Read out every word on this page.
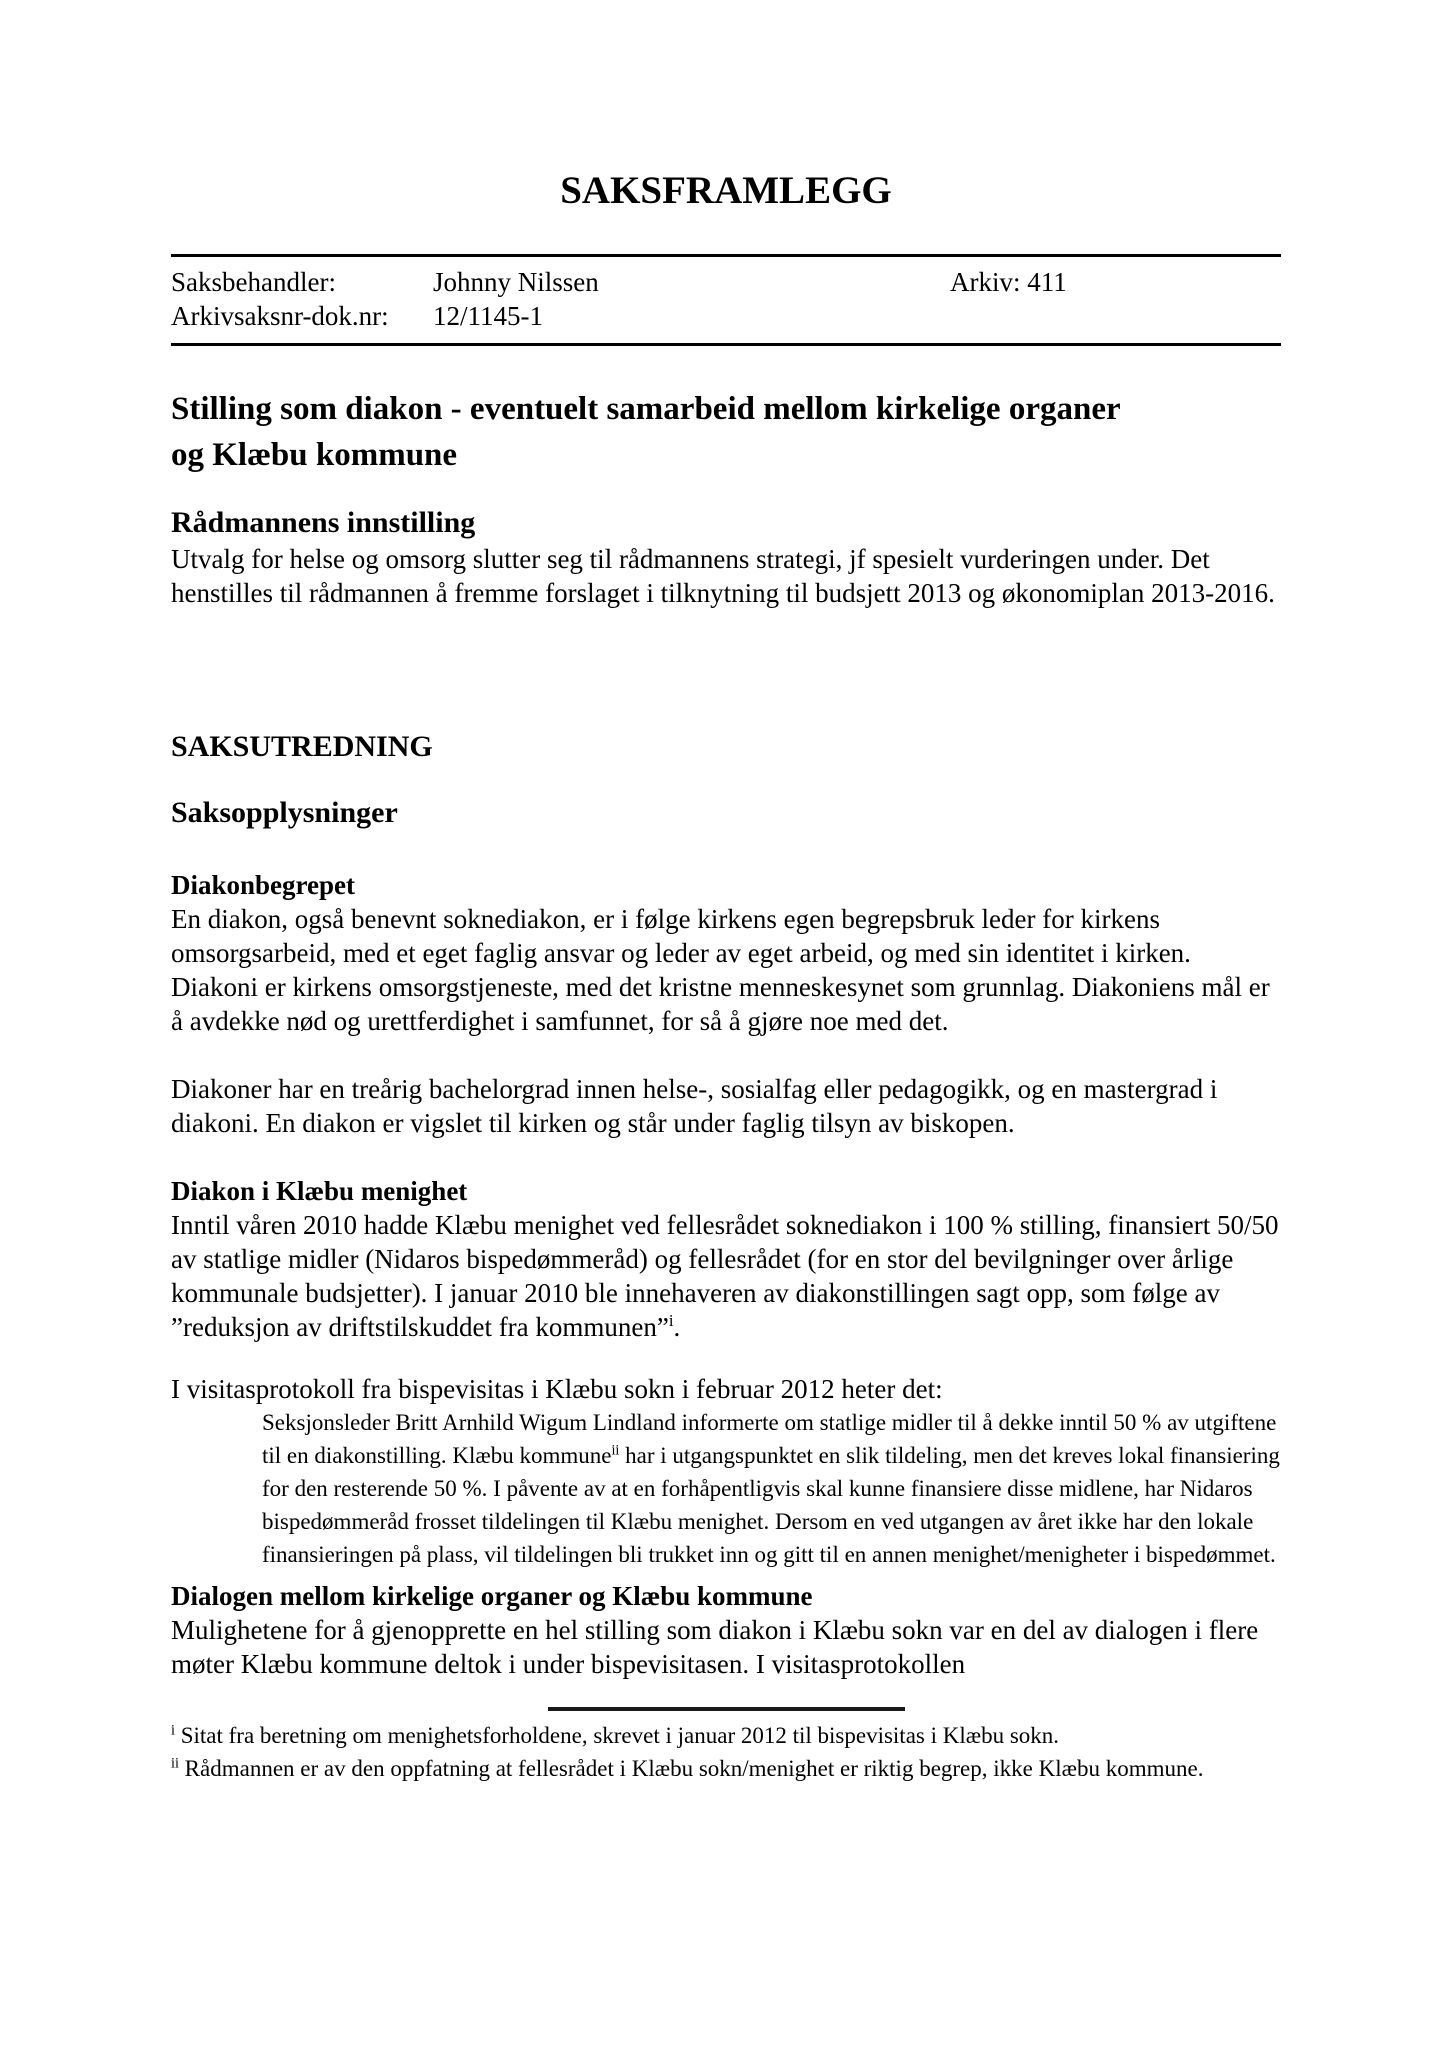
SAKSFRAMLEGG
Saksbehandler:	Johnny Nilssen	Arkiv: 411
Arkivsaksnr-dok.nr:	12/1145-1
Stilling som diakon - eventuelt samarbeid mellom kirkelige organer og Klæbu kommune
Rådmannens innstilling

Utvalg for helse og omsorg slutter seg til rådmannens strategi, jf spesielt vurderingen under. Det henstilles til rådmannen å fremme forslaget i tilknytning til budsjett 2013 og økonomiplan 2013-2016.

SAKSUTREDNING
Saksopplysninger
Diakonbegrepet

En diakon, også benevnt soknediakon, er i følge kirkens egen begrepsbruk leder for kirkens omsorgsarbeid, med et eget faglig ansvar og leder av eget arbeid, og med sin identitet i kirken. Diakoni er kirkens omsorgstjeneste, med det kristne menneskesynet som grunnlag. Diakoniens mål er å avdekke nød og urettferdighet i samfunnet, for så å gjøre noe med det.

Diakoner har en treårig bachelorgrad innen helse-, sosialfag eller pedagogikk, og en mastergrad i diakoni. En diakon er vigslet til kirken og står under faglig tilsyn av biskopen.

Diakon i Klæbu menighet

Inntil våren 2010 hadde Klæbu menighet ved fellesrådet soknediakon i 100 % stilling, finansiert 50/50 av statlige midler (Nidaros bispedømmeråd) og fellesrådet (for en stor del bevilgninger over årlige kommunale budsjetter). I januar 2010 ble innehaveren av diakonstillingen sagt opp, som følge av ”reduksjon av driftstilskuddet fra kommunen”$^i$.

I visitasprotokoll fra bispevisitas i Klæbu sokn i februar 2012 heter det:

Seksjonsleder Britt Arnhild Wigum Lindland informerte om statlige midler til å dekke inntil 50 % av utgiftene til en diakonstilling. Klæbu kommune$^{ii}$ har i utgangspunktet en slik tildeling, men det kreves lokal finansiering for den resterende 50 %. I påvente av at en forhåpentligvis skal kunne finansiere disse midlene, har Nidaros bispedømmeråd frosset tildelingen til Klæbu menighet. Dersom en ved utgangen av året ikke har den lokale finansieringen på plass, vil tildelingen bli trukket inn og gitt til en annen menighet/menigheter i bispedømmet.
Dialogen mellom kirkelige organer og Klæbu kommune

Mulighetene for å gjenopprette en hel stilling som diakon i Klæbu sokn var en del av dialogen i flere møter Klæbu kommune deltok i under bispevisitasen. I visitasprotokollen

$^i$ Sitat fra beretning om menighetsforholdene, skrevet i januar 2012 til bispevisitas i Klæbu sokn.

$^{ii}$ Rådmannen er av den oppfatning at fellesrådet i Klæbu sokn/menighet er riktig begrep, ikke Klæbu kommune.
